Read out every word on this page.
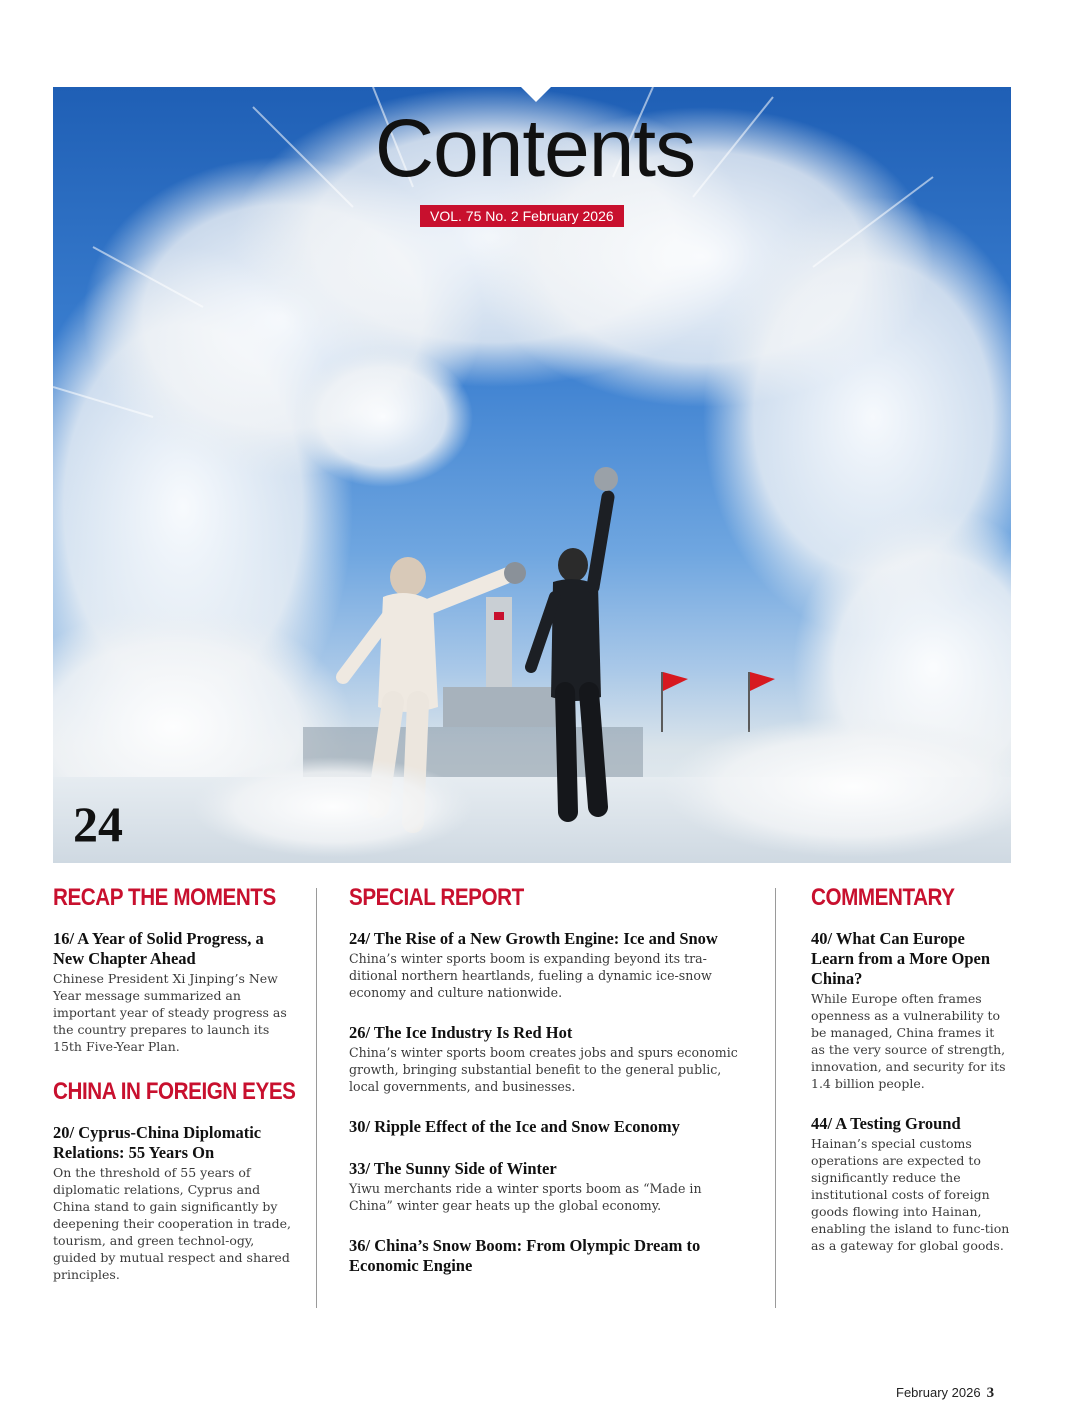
Contents
VOL. 75 No. 2 February 2026
24
RECAP THE MOMENTS

16/ A Year of Solid Progress, a New Chapter Ahead

Chinese President Xi Jinping’s New Year message summarized an important year of steady progress as the country prepares to launch its 15th Five-Year Plan.

CHINA IN FOREIGN EYES

20/ Cyprus-China Diplomatic Relations: 55 Years On

On the threshold of 55 years of diplomatic relations, Cyprus and China stand to gain significantly by deepening their cooperation in trade, tourism, and green technol-ogy, guided by mutual respect and shared principles.

SPECIAL REPORT

24/ The Rise of a New Growth Engine: Ice and Snow

China’s winter sports boom is expanding beyond its tra-ditional northern heartlands, fueling a dynamic ice-snow economy and culture nationwide.

26/ The Ice Industry Is Red Hot

China’s winter sports boom creates jobs and spurs economic growth, bringing substantial benefit to the general public, local governments, and businesses.

30/ Ripple Effect of the Ice and Snow Economy

33/ The Sunny Side of Winter

Yiwu merchants ride a winter sports boom as “Made in China” winter gear heats up the global economy.

36/ China’s Snow Boom: From Olympic Dream to Economic Engine

COMMENTARY

40/ What Can Europe Learn from a More Open China?

While Europe often frames openness as a vulnerability to be managed, China frames it as the very source of strength, innovation, and security for its 1.4 billion people.

44/ A Testing Ground

Hainan’s special customs operations are expected to significantly reduce the institutional costs of foreign goods flowing into Hainan, enabling the island to func-tion as a gateway for global goods.

February 2026 3
